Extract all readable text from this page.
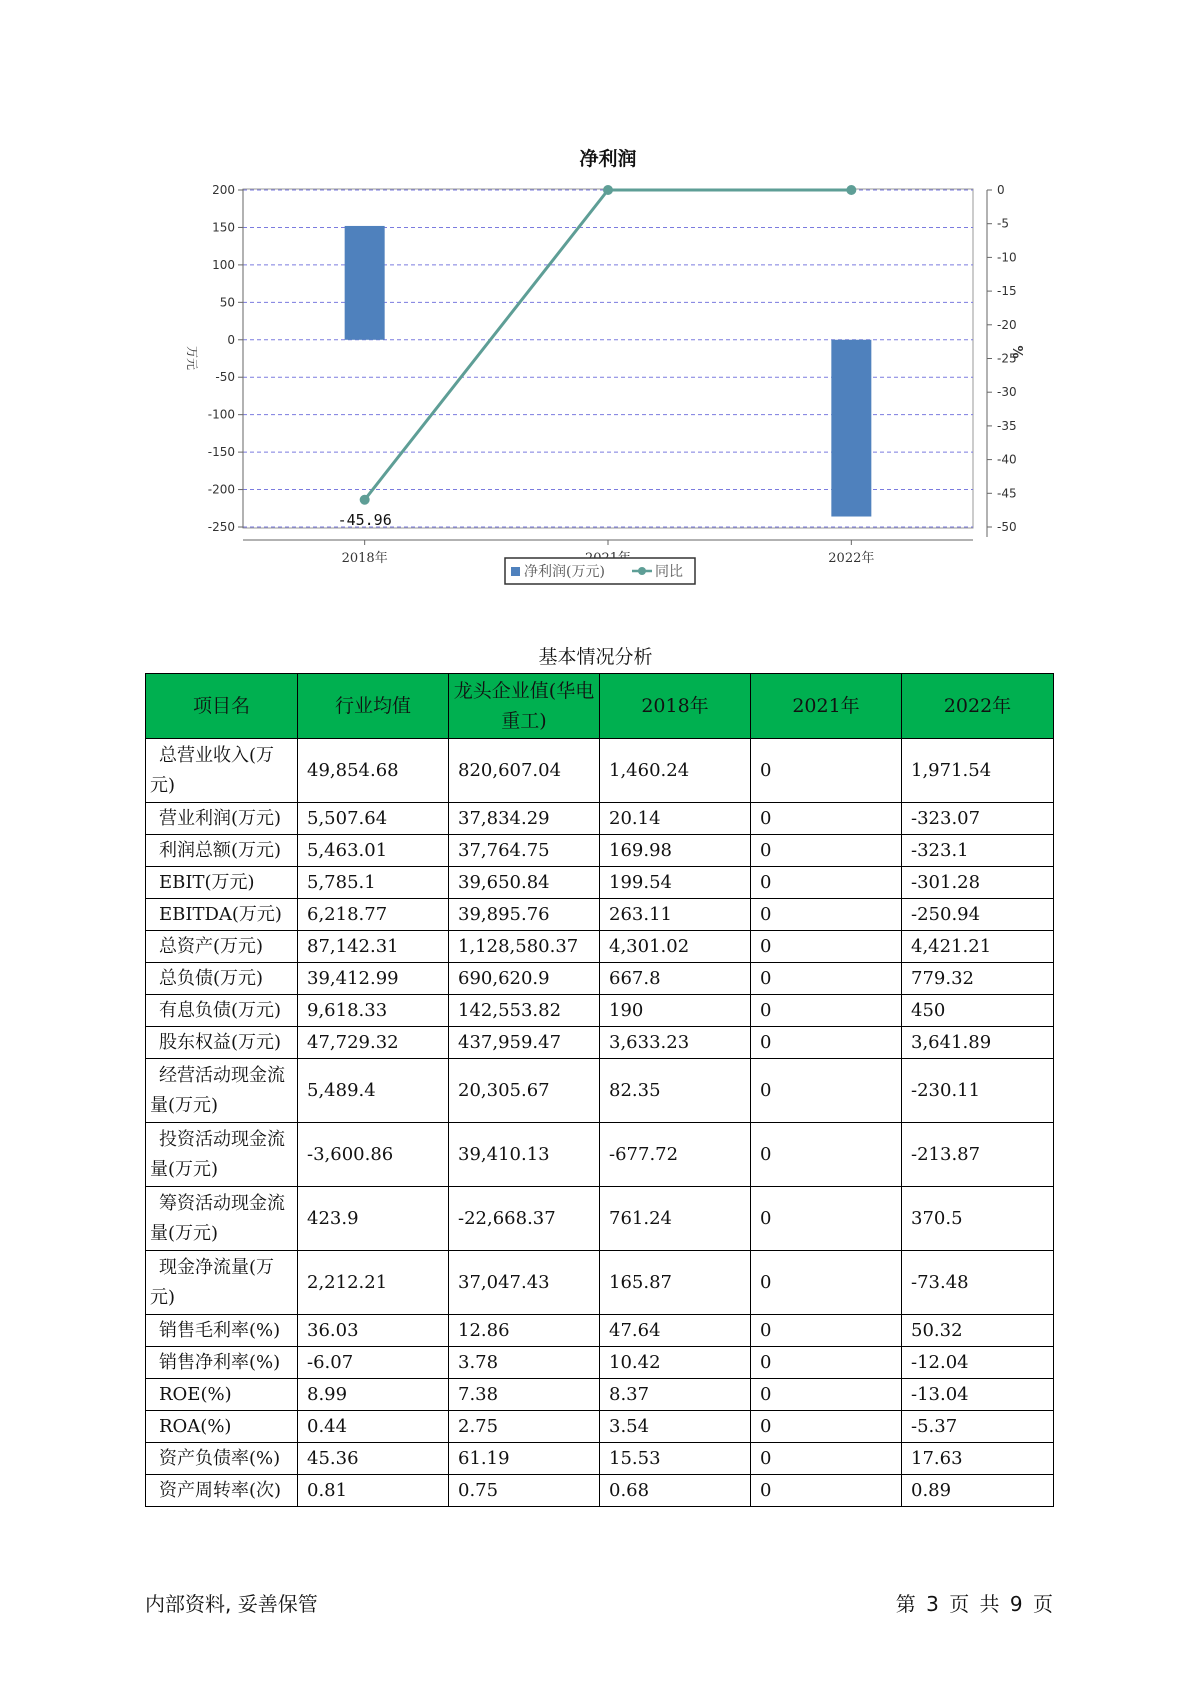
净利润
200
150
100
50
0
-50
-100
-150
-200
-250
0
-5
-10
-15
-20
-25
-30
-35
-40
-45
-50
万元	%
2018年	2022年
-45.96
净利润(万元)	同比
基本情况分析
项目名	行业均值	龙头企业值(华电重工)	2018年	2021年	2022年
总营业收入(万元)	49,854.68	820,607.04	1,460.24	0	1,971.54
营业利润(万元)	5,507.64	37,834.29	20.14	0	-323.07
利润总额(万元)	5,463.01	37,764.75	169.98	0	-323.1
EBIT(万元)	5,785.1	39,650.84	199.54	0	-301.28
EBITDA(万元)	6,218.77	39,895.76	263.11	0	-250.94
总资产(万元)	87,142.31	1,128,580.37	4,301.02	0	4,421.21
总负债(万元)	39,412.99	690,620.9	667.8	0	779.32
有息负债(万元)	9,618.33	142,553.82	190	0	450
股东权益(万元)	47,729.32	437,959.47	3,633.23	0	3,641.89
经营活动现金流量(万元)	5,489.4	20,305.67	82.35	0	-230.11
投资活动现金流量(万元)	-3,600.86	39,410.13	-677.72	0	-213.87
筹资活动现金流量(万元)	423.9	-22,668.37	761.24	0	370.5
现金净流量(万元)	2,212.21	37,047.43	165.87	0	-73.48
销售毛利率(%)	36.03	12.86	47.64	0	50.32
销售净利率(%)	-6.07	3.78	10.42	0	-12.04
ROE(%)	8.99	7.38	8.37	0	-13.04
ROA(%)	0.44	2.75	3.54	0	-5.37
资产负债率(%)	45.36	61.19	15.53	0	17.63
资产周转率(次)	0.81	0.75	0.68	0	0.89
内部资料, 妥善保管	第 3 页 共 9 页
